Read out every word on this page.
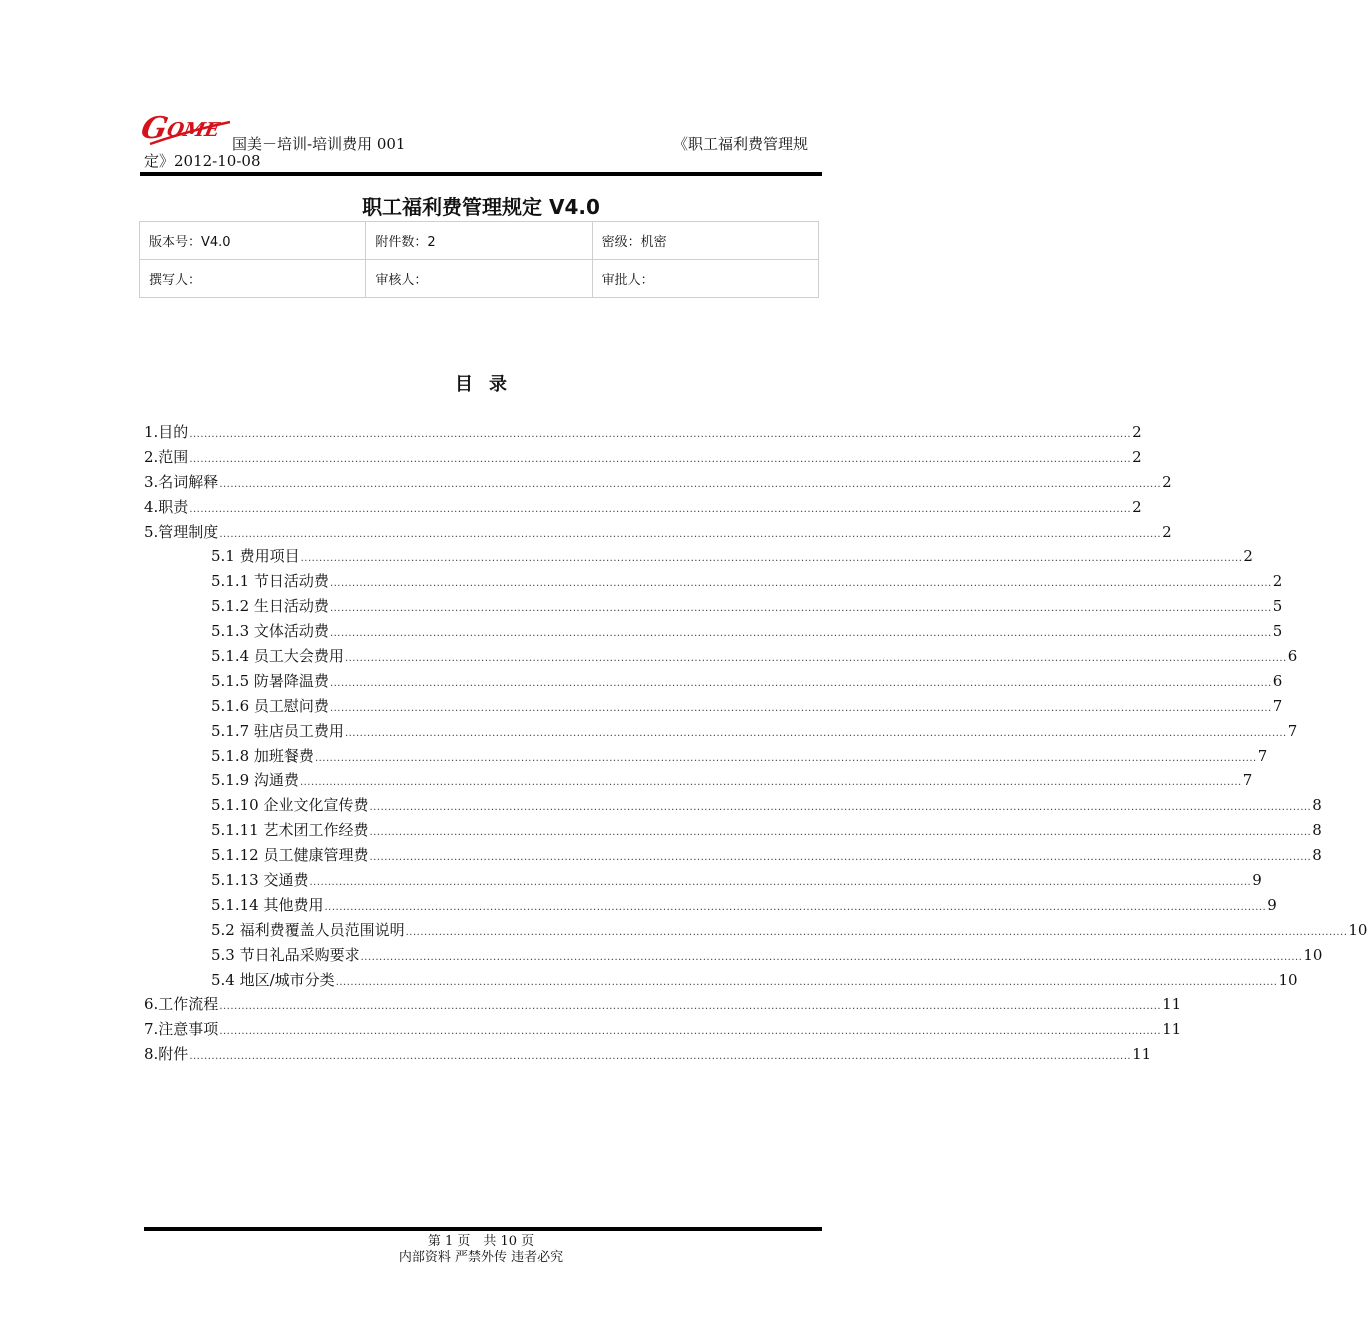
G
OME
国美－培训-培训费用 001	《职工福利费管理规
定》2012-10-08
职工福利费管理规定 V4.0
版本号：V4.0	附件数：2	密级：机密
撰写人：	审核人：	审批人：
目录
1.目的 .....	2
2.范围 .....	2
3.名词解释 .....	2
4.职责 .....	2
5.管理制度 .....	2
5.1 费用项目 .....	2
5.1.1 节日活动费 .....	2
5.1.2 生日活动费 .....	5
5.1.3 文体活动费 .....	5
5.1.4 员工大会费用 .....	6
5.1.5 防暑降温费 .....	6
5.1.6 员工慰问费 .....	7
5.1.7 驻店员工费用 .....	7
5.1.8 加班餐费 .....	7
5.1.9 沟通费 .....	7
5.1.10 企业文化宣传费 .....	8
5.1.11 艺术团工作经费 .....	8
5.1.12 员工健康管理费 .....	8
5.1.13 交通费 .....	9
5.1.14 其他费用 .....	9
5.2 福利费覆盖人员范围说明 .....	10
5.3 节日礼品采购要求 .....	10
5.4 地区/城市分类 .....	10
6.工作流程 .....	11
7.注意事项 .....	11
8.附件 .....	11
第 1 页　共 10 页
内部资料 严禁外传 违者必究
